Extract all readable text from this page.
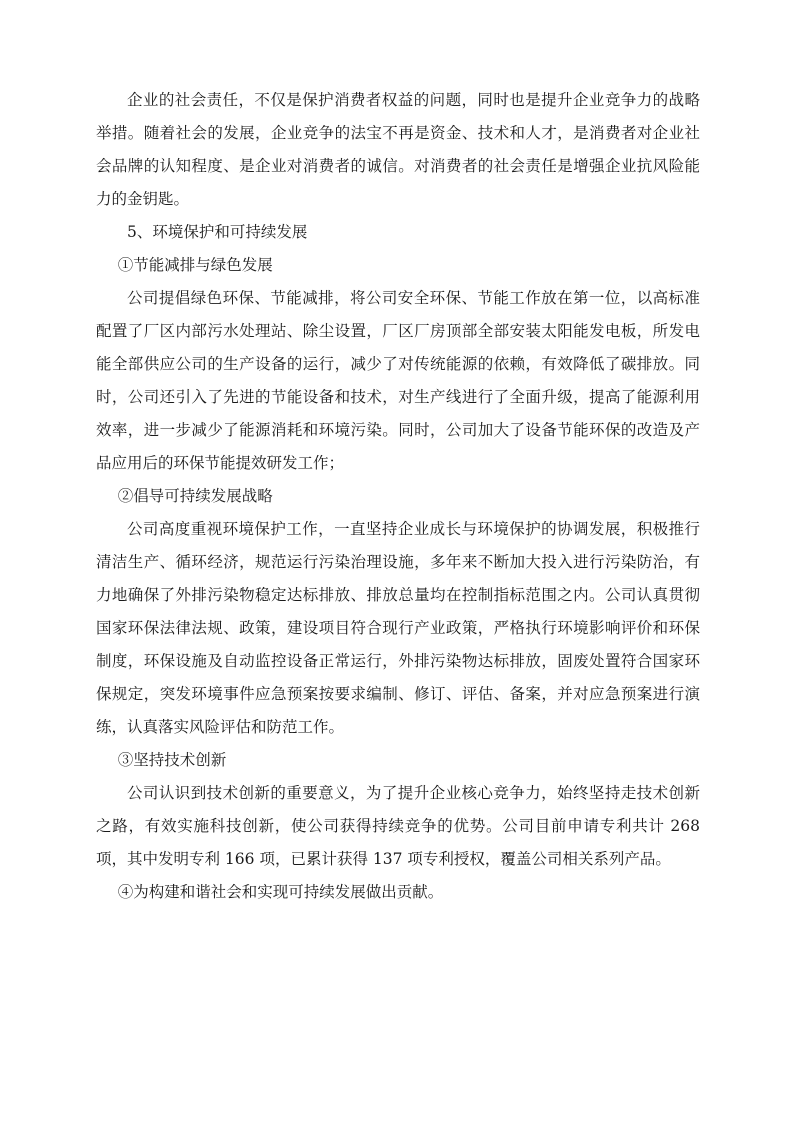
企业的社会责任，不仅是保护消费者权益的问题，同时也是提升企业竞争力的战略举措。随着社会的发展，企业竞争的法宝不再是资金、技术和人才，是消费者对企业社会品牌的认知程度、是企业对消费者的诚信。对消费者的社会责任是增强企业抗风险能力的金钥匙。

5、环境保护和可持续发展

①节能减排与绿色发展

公司提倡绿色环保、节能减排，将公司安全环保、节能工作放在第一位，以高标准配置了厂区内部污水处理站、除尘设置，厂区厂房顶部全部安装太阳能发电板，所发电能全部供应公司的生产设备的运行，减少了对传统能源的依赖，有效降低了碳排放。同时，公司还引入了先进的节能设备和技术，对生产线进行了全面升级，提高了能源利用效率，进一步减少了能源消耗和环境污染。同时，公司加大了设备节能环保的改造及产品应用后的环保节能提效研发工作；

②倡导可持续发展战略

公司高度重视环境保护工作，一直坚持企业成长与环境保护的协调发展，积极推行清洁生产、循环经济，规范运行污染治理设施，多年来不断加大投入进行污染防治，有力地确保了外排污染物稳定达标排放、排放总量均在控制指标范围之内。公司认真贯彻国家环保法律法规、政策，建设项目符合现行产业政策，严格执行环境影响评价和环保制度，环保设施及自动监控设备正常运行，外排污染物达标排放，固废处置符合国家环保规定，突发环境事件应急预案按要求编制、修订、评估、备案，并对应急预案进行演练，认真落实风险评估和防范工作。

③坚持技术创新

公司认识到技术创新的重要意义，为了提升企业核心竞争力，始终坚持走技术创新之路，有效实施科技创新，使公司获得持续竞争的优势。公司目前申请专利共计 268 项，其中发明专利 166 项，已累计获得 137 项专利授权，覆盖公司相关系列产品。

④为构建和谐社会和实现可持续发展做出贡献。
